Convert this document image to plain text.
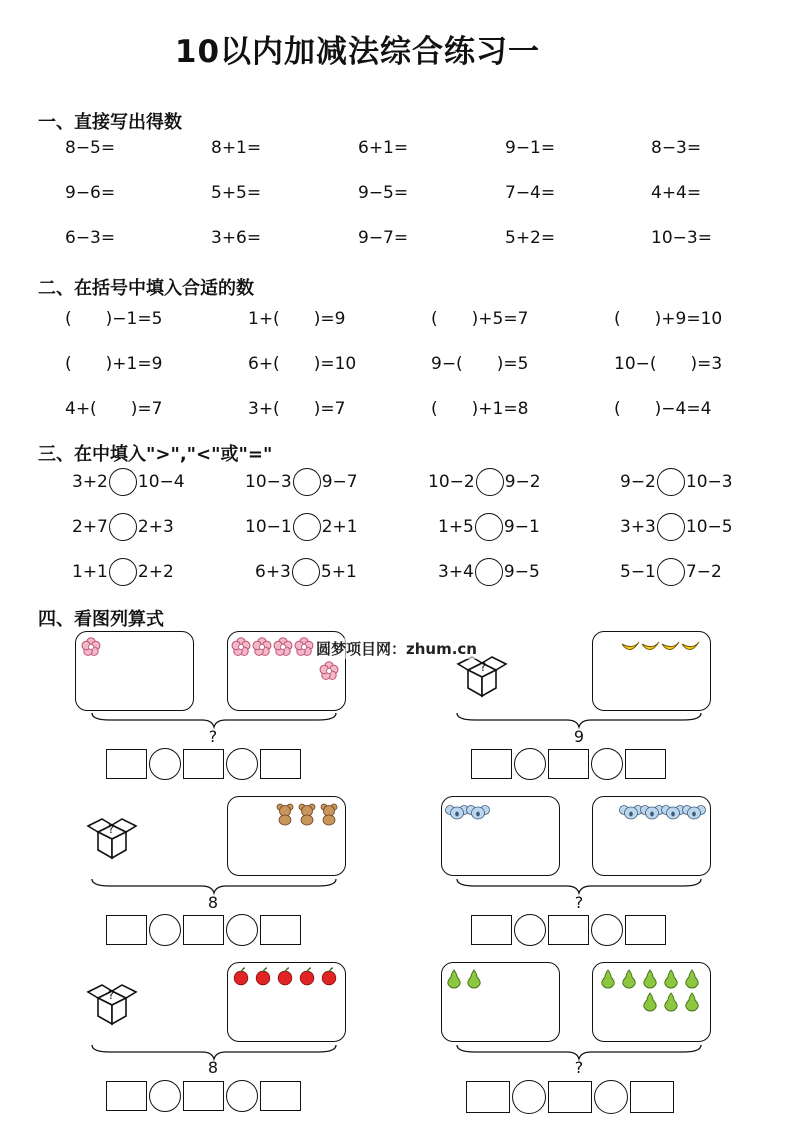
10以内加减法综合练习一
一、直接写出得数
二、在括号中填入合适的数
三、在中填入">","<"或"="
四、看图列算式
8−5=	8+1=	6+1=	9−1=	8−3=
9−6=	5+5=	9−5=	7−4=	4+4=
6−3=	3+6=	9−7=	5+2=	10−3=
(　　)−1=5	1+(　　)=9	(　　)+5=7	(　　)+9=10
(　　)+1=9	6+(　　)=10	9−(　　)=5	10−(　　)=3
4+(　　)=7	3+(　　)=7	(　　)+1=8	(　　)−4=4
3+2 10−4	10−3 9−7	10−2 9−2	9−2 10−3
2+7 2+3	10−1 2+1	1+5 9−1	3+3 10−5
1+1 2+2	6+3 5+1	3+4 9−5	5−1 7−2
?
?
9
?
8	?
?
8	?
圆梦项目网：zhum.cn
